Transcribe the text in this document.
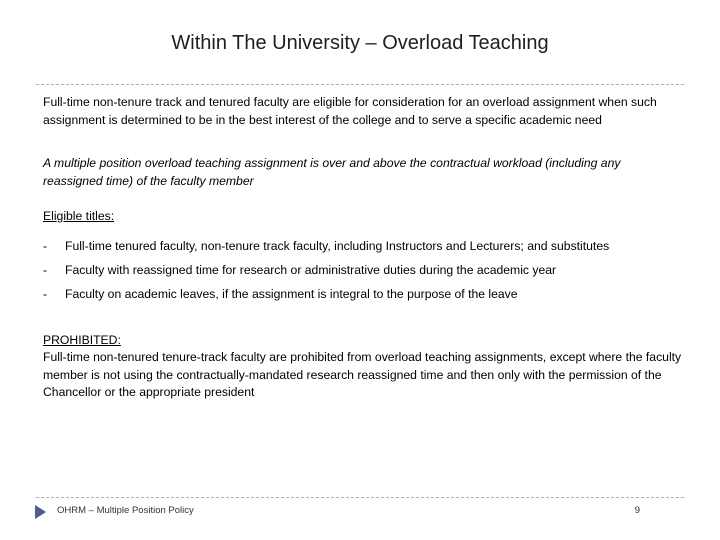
Within The University – Overload Teaching

Full-time non-tenure track and tenured faculty are eligible for consideration for an overload assignment when such assignment is determined to be in the best interest of the college and to serve a specific academic need

A multiple position overload teaching assignment is over and above the contractual workload (including any reassigned time) of the faculty member

Eligible titles:

-	Full-time tenured faculty, non-tenure track faculty, including Instructors and Lecturers; and substitutes
-	Faculty with reassigned time for research or administrative duties during the academic year
-	Faculty on academic leaves, if the assignment is integral to the purpose of the leave

PROHIBITED:
Full-time non-tenured tenure-track faculty are prohibited from overload teaching assignments, except where the faculty member is not using the contractually-mandated research reassigned time and then only with the permission of the Chancellor or the appropriate president

OHRM – Multiple Position Policy	9
